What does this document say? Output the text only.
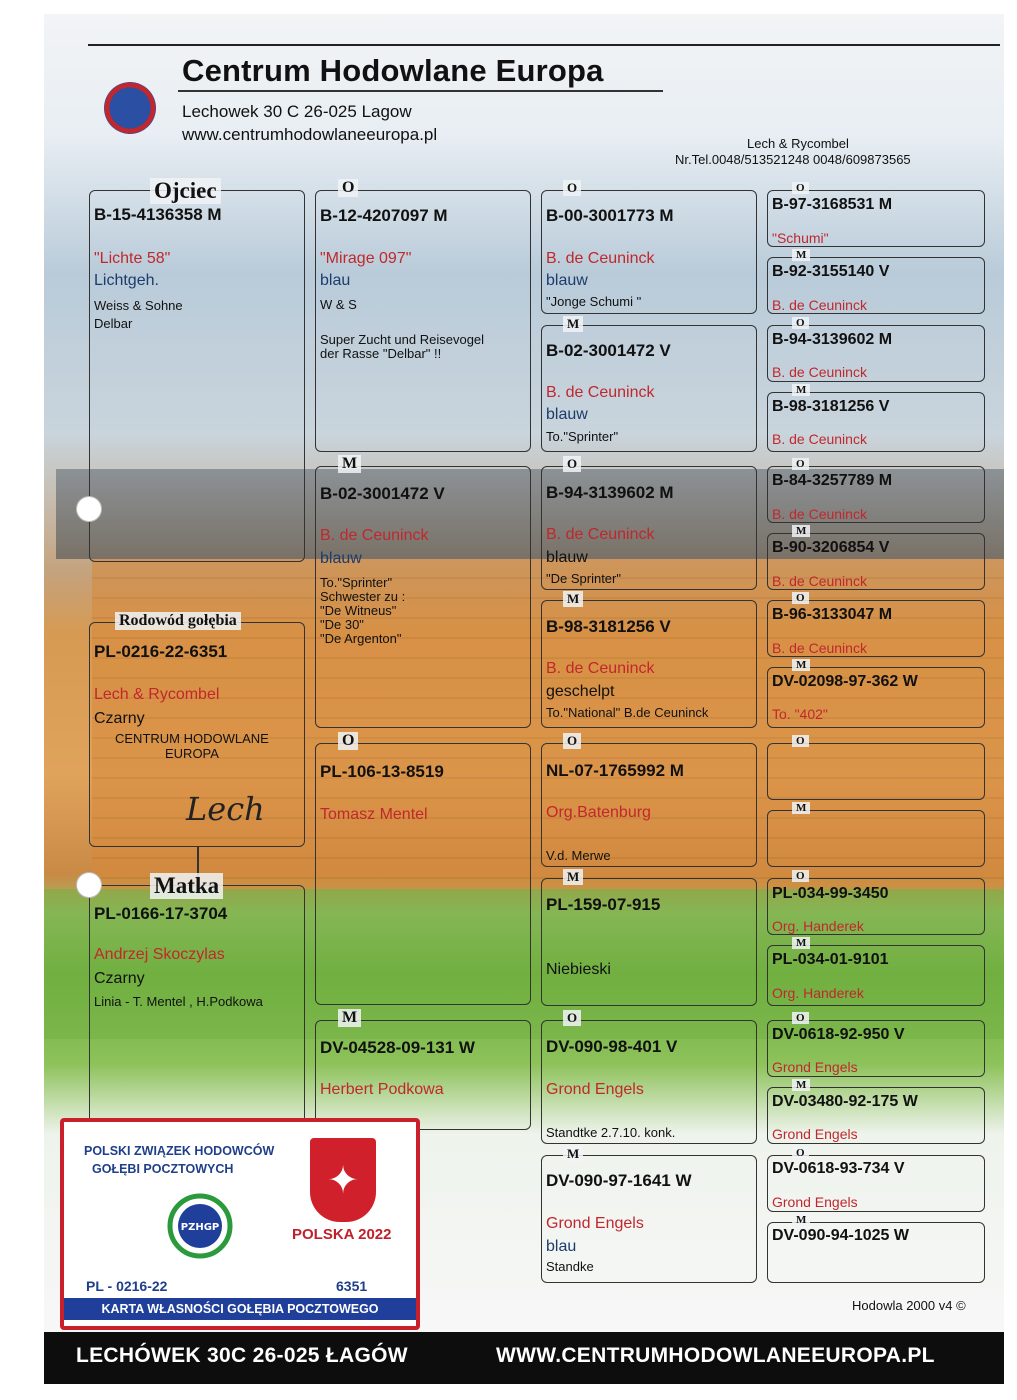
Centrum Hodowlane Europa
Lechowek 30 C 26-025 Lagow
www.centrumhodowlaneeuropa.pl	Lech & Rycombel
Nr.Tel.0048/513521248 0048/609873565
Ojciec
B-15-4136358 M
"Lichte 58"
Lichtgeh.
Weiss & Sohne
Delbar
Rodowód gołębia
PL-0216-22-6351
Lech & Rycombel
Czarny
CENTRUM HODOWLANE
EUROPA
Lech
Matka
PL-0166-17-3704
Andrzej Skoczylas
Czarny
Linia - T. Mentel , H.Podkowa
O
B-12-4207097 M
"Mirage 097"
blau
W & S
Super Zucht und Reisevogel
der Rasse "Delbar" !!
M
B-02-3001472 V
B. de Ceuninck
blauw
To."Sprinter"
Schwester zu :
"De Witneus"
"De 30"
"De Argenton"
O
PL-106-13-8519
Tomasz Mentel
M
DV-04528-09-131 W
Herbert Podkowa
O
B-00-3001773 M
B. de Ceuninck
blauw
"Jonge Schumi "
M
B-02-3001472 V
B. de Ceuninck
blauw
To."Sprinter"
O
B-94-3139602 M
B. de Ceuninck
blauw
"De Sprinter"
M
B-98-3181256 V
B. de Ceuninck
geschelpt
To."National" B.de Ceuninck
O
NL-07-1765992 M
Org.Batenburg
V.d. Merwe
M
PL-159-07-915
Niebieski
O
DV-090-98-401 V
Grond Engels
Standtke 2.7.10. konk.
M
DV-090-97-1641 W
Grond Engels
blau
Standke
O
B-97-3168531 M
"Schumi"
M
B-92-3155140 V
B. de Ceuninck
O
B-94-3139602 M
B. de Ceuninck
M
B-98-3181256 V
B. de Ceuninck
O
B-84-3257789 M
B. de Ceuninck
M
B-90-3206854 V
B. de Ceuninck
O
B-96-3133047 M
B. de Ceuninck
M
DV-02098-97-362 W
To. "402"
O
M
O
PL-034-99-3450
Org. Handerek
M
PL-034-01-9101
Org. Handerek
O
DV-0618-92-950 V
Grond Engels
M
DV-03480-92-175 W
Grond Engels
O
DV-0618-93-734 V
Grond Engels
M
DV-090-94-1025 W
POLSKI ZWIĄZEK HODOWCÓW
GOŁĘBI POCZTOWYCH	✦
PZHGP	POLSKA 2022
PL - 0216-22	6351
KARTA WŁASNOŚCI GOŁĘBIA POCZTOWEGO	Hodowla 2000 v4 ©
LECHÓWEK 30C 26-025 ŁAGÓW	WWW.CENTRUMHODOWLANEEUROPA.PL
